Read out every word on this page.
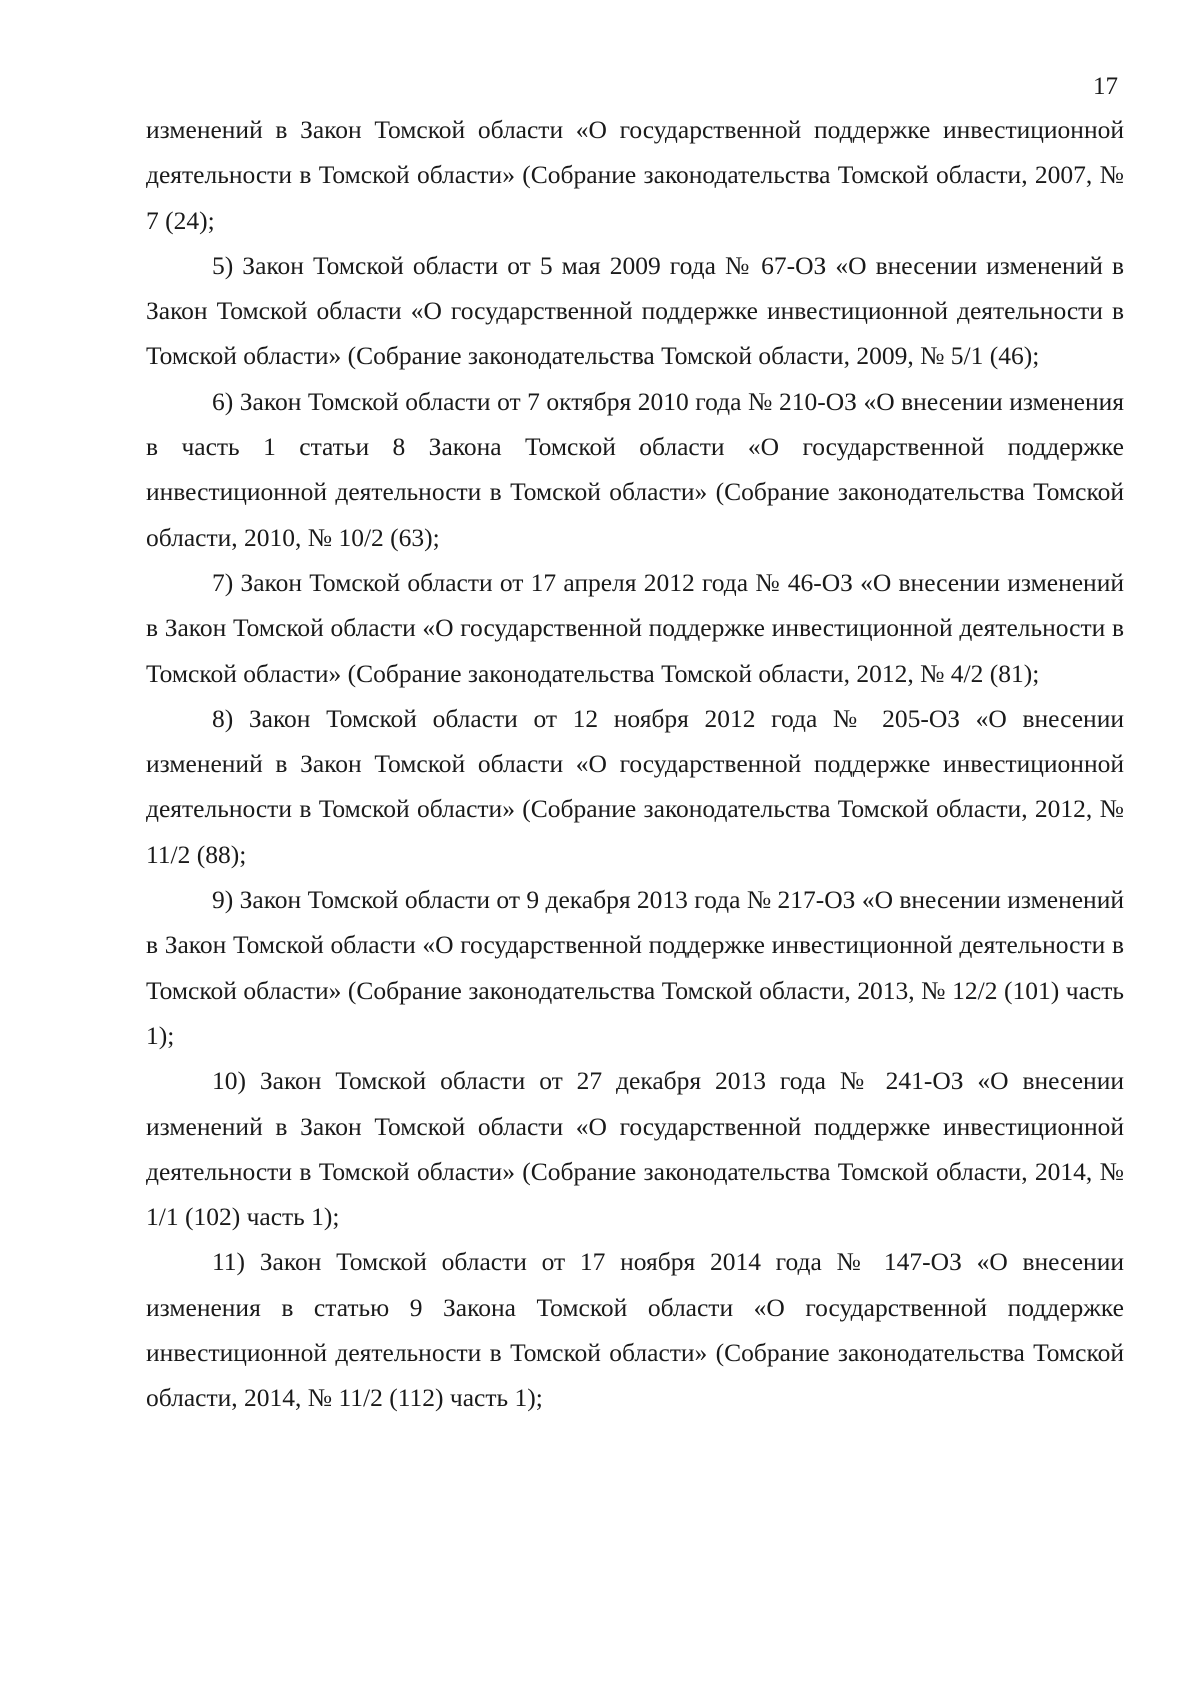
17

изменений в Закон Томской области «О государственной поддержке инвестиционной деятельности в Томской области» (Собрание законодательства Томской области, 2007, № 7 (24);

5) Закон Томской области от 5 мая 2009 года № 67-ОЗ «О внесении изменений в Закон Томской области «О государственной поддержке инвестиционной деятельности в Томской области» (Собрание законодательства Томской области, 2009, № 5/1 (46);

6) Закон Томской области от 7 октября 2010 года № 210-ОЗ «О внесении изменения в часть 1 статьи 8 Закона Томской области «О государственной поддержке инвестиционной деятельности в Томской области» (Собрание законодательства Томской области, 2010, № 10/2 (63);

7) Закон Томской области от 17 апреля 2012 года № 46-ОЗ «О внесении изменений в Закон Томской области «О государственной поддержке инвестиционной деятельности в Томской области» (Собрание законодательства Томской области, 2012, № 4/2 (81);

8) Закон Томской области от 12 ноября 2012 года № 205-ОЗ «О внесении изменений в Закон Томской области «О государственной поддержке инвестиционной деятельности в Томской области» (Собрание законодательства Томской области, 2012, № 11/2 (88);

9) Закон Томской области от 9 декабря 2013 года № 217-ОЗ «О внесении изменений в Закон Томской области «О государственной поддержке инвестиционной деятельности в Томской области» (Собрание законодательства Томской области, 2013, № 12/2 (101) часть 1);

10) Закон Томской области от 27 декабря 2013 года № 241-ОЗ «О внесении изменений в Закон Томской области «О государственной поддержке инвестиционной деятельности в Томской области» (Собрание законодательства Томской области, 2014, № 1/1 (102) часть 1);

11) Закон Томской области от 17 ноября 2014 года № 147-ОЗ «О внесении изменения в статью 9 Закона Томской области «О государственной поддержке инвестиционной деятельности в Томской области» (Собрание законодательства Томской области, 2014, № 11/2 (112) часть 1);
